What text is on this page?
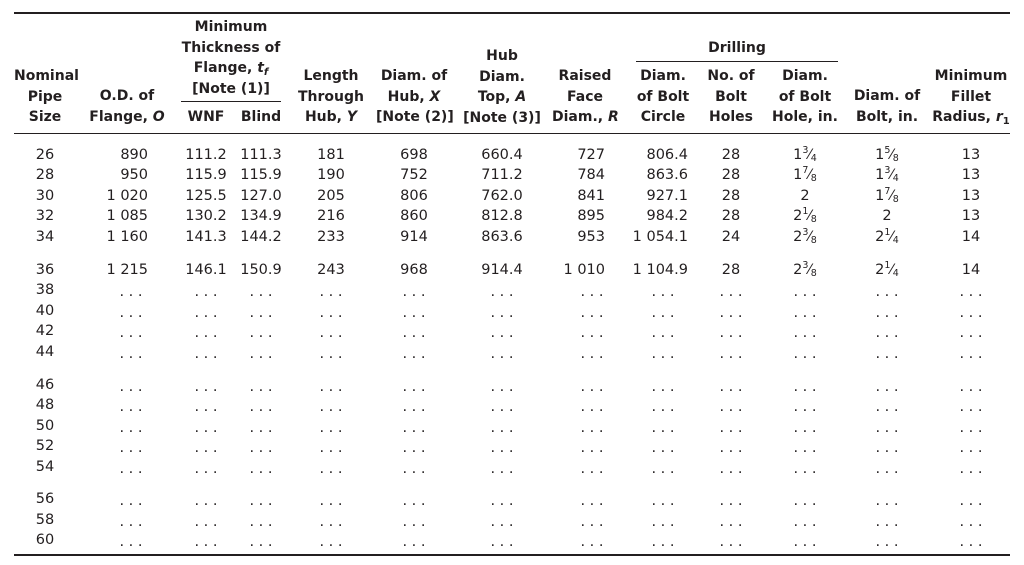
Nominal
Pipe
Size
O.D. of
Flange, O
Minimum
Thickness of
Flange, $t_f$
[Note (1)]
WNF	Blind
Length
Through
Hub, Y
Diam. of
Hub, X
[Note (2)]
Hub
Diam.
Top, A
[Note (3)]
Raised
Face
Diam., R
Drilling
Diam.
of Bolt
Circle
No. of
Bolt
Holes
Diam.
of Bolt
Hole, in.
Diam. of
Bolt, in.
Minimum
Fillet
Radius, $r_1$
26	890	111.2 111.3	181	698	660.4	727	806.4	28	$1^3⁄_4$	$1^5⁄_8$	13
28	950	115.9 115.9	190	752	711.2	784	863.6	28	$1^7⁄_8$	$1^3⁄_4$	13
30	1 020	125.5 127.0	205	806	762.0	841	927.1	28	2	$1^7⁄_8$	13
32	1 085	130.2 134.9	216	860	812.8	895	984.2	28	$2^1⁄_8$	2	13
34	1 160	141.3 144.2	233	914	863.6	953	1 054.1	24	$2^3⁄_8$	$2^1⁄_4$	14
36	1 215	146.1 150.9	243	968	914.4	1 010	1 104.9	28	$2^3⁄_8$	$2^1⁄_4$	14
38	. . .	. . .	. . .	. . .	. . .	. . .	. . .	. . .	. . .	. . .	. . .	. . .
40	. . .	. . .	. . .	. . .	. . .	. . .	. . .	. . .	. . .	. . .	. . .	. . .
42	. . .	. . .	. . .	. . .	. . .	. . .	. . .	. . .	. . .	. . .	. . .	. . .
44	. . .	. . .	. . .	. . .	. . .	. . .	. . .	. . .	. . .	. . .	. . .	. . .
46	. . .	. . .	. . .	. . .	. . .	. . .	. . .	. . .	. . .	. . .	. . .	. . .
48	. . .	. . .	. . .	. . .	. . .	. . .	. . .	. . .	. . .	. . .	. . .	. . .
50	. . .	. . .	. . .	. . .	. . .	. . .	. . .	. . .	. . .	. . .	. . .	. . .
52	. . .	. . .	. . .	. . .	. . .	. . .	. . .	. . .	. . .	. . .	. . .	. . .
54	. . .	. . .	. . .	. . .	. . .	. . .	. . .	. . .	. . .	. . .	. . .	. . .
56	. . .	. . .	. . .	. . .	. . .	. . .	. . .	. . .	. . .	. . .	. . .	. . .
58	. . .	. . .	. . .	. . .	. . .	. . .	. . .	. . .	. . .	. . .	. . .	. . .
60	. . .	. . .	. . .	. . .	. . .	. . .	. . .	. . .	. . .	. . .	. . .	. . .
